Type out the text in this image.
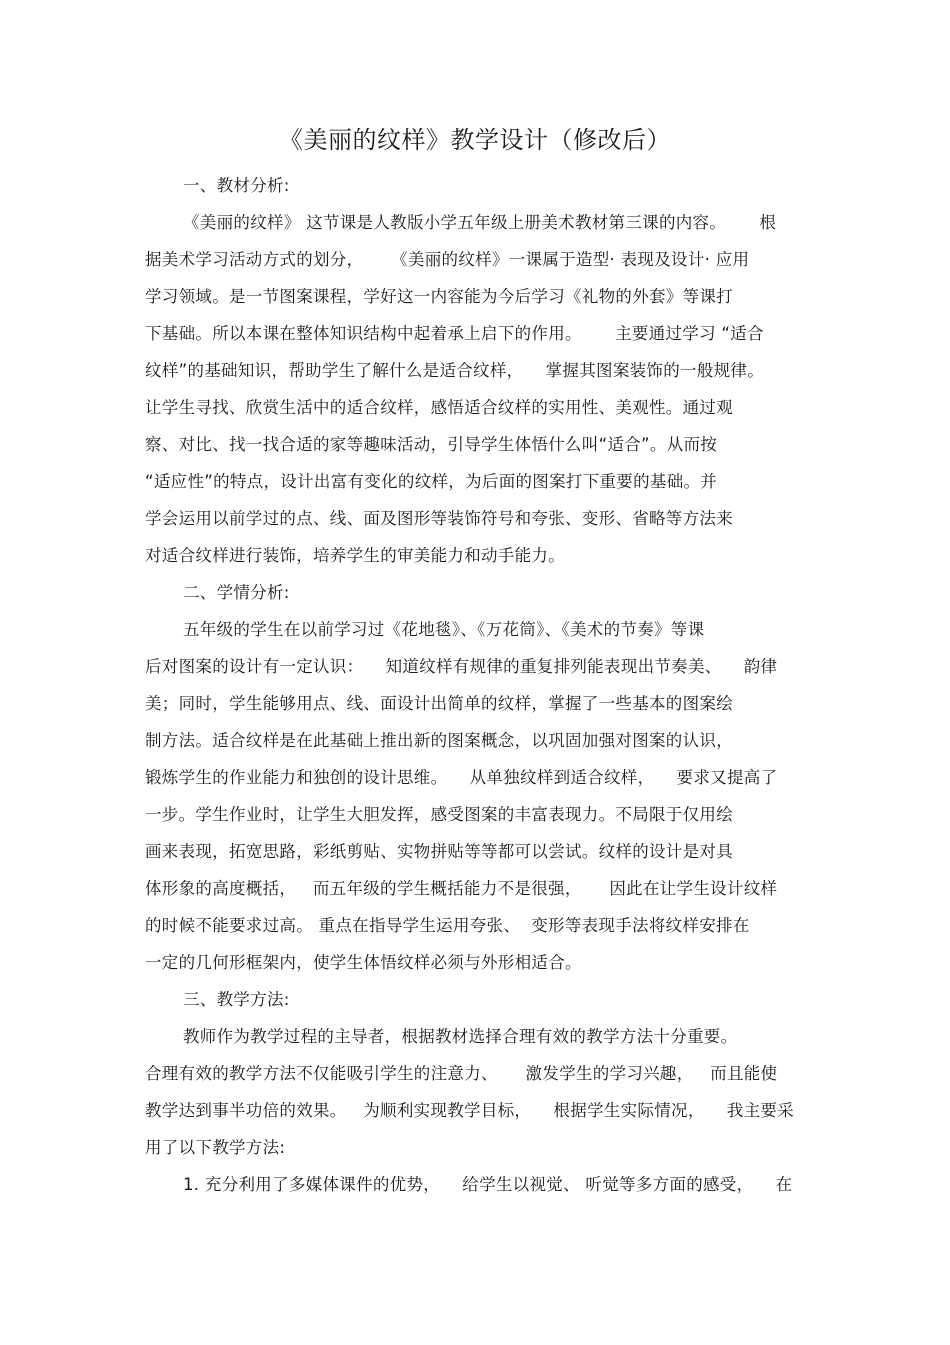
《美丽的纹样》教学设计（修改后）
一、教材分析:
《美丽的纹样》 这节课是人教版小学五年级上册美术教材第三课的内容。      根
据美术学习活动方式的划分，     《美丽的纹样》一课属于造型· 表现及设计· 应用
学习领域。是一节图案课程，学好这一内容能为今后学习《礼物的外套》等课打
下基础。所以本课在整体知识结构中起着承上启下的作用。      主要通过学习 “适合
纹样”的基础知识，帮助学生了解什么是适合纹样，    掌握其图案装饰的一般规律。
让学生寻找、欣赏生活中的适合纹样，感悟适合纹样的实用性、美观性。通过观
察、对比、找一找合适的家等趣味活动，引导学生体悟什么叫“适合”。从而按
“适应性”的特点，设计出富有变化的纹样，为后面的图案打下重要的基础。并
学会运用以前学过的点、线、面及图形等装饰符号和夸张、变形、省略等方法来
对适合纹样进行装饰，培养学生的审美能力和动手能力。
二、学情分析:
五年级的学生在以前学习过《花地毯》、《万花筒》、《美术的节奏》等课
后对图案的设计有一定认识：    知道纹样有规律的重复排列能表现出节奏美、    韵律
美；同时，学生能够用点、线、面设计出简单的纹样，掌握了一些基本的图案绘
制方法。适合纹样是在此基础上推出新的图案概念，以巩固加强对图案的认识，
锻炼学生的作业能力和独创的设计思维。    从单独纹样到适合纹样，    要求又提高了
一步。学生作业时，让学生大胆发挥，感受图案的丰富表现力。不局限于仅用绘
画来表现，拓宽思路，彩纸剪贴、实物拼贴等等都可以尝试。纹样的设计是对具
体形象的高度概括，   而五年级的学生概括能力不是很强，     因此在让学生设计纹样
的时候不能要求过高。 重点在指导学生运用夸张、  变形等表现手法将纹样安排在
一定的几何形框架内，使学生体悟纹样必须与外形相适合。
三、教学方法:
教师作为教学过程的主导者，根据教材选择合理有效的教学方法十分重要。
合理有效的教学方法不仅能吸引学生的注意力、     激发学生的学习兴趣，   而且能使
教学达到事半功倍的效果。   为顺利实现教学目标，    根据学生实际情况，    我主要采
用了以下教学方法:
1. 充分利用了多媒体课件的优势，    给学生以视觉、 听觉等多方面的感受，    在
